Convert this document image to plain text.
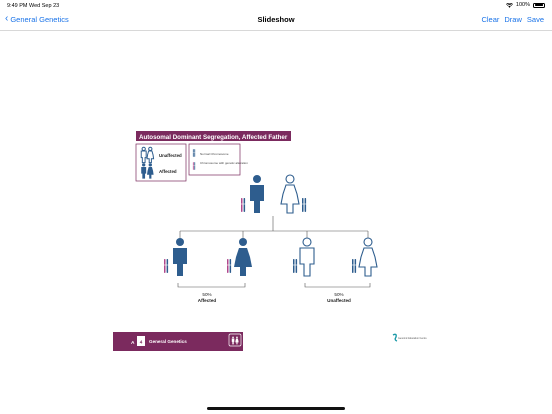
9:49 PM Wed Sep 23	100%
‹ General Genetics	Slideshow	Clear Draw Save
Autosomal Dominant Segregation, Affected Father
Unaffected
Affected
Normal Chromosome
Chromosome with genetic alteration
50%
Affected
50%
Unaffected
A 4 General Genetics
Genomic Education Centre
